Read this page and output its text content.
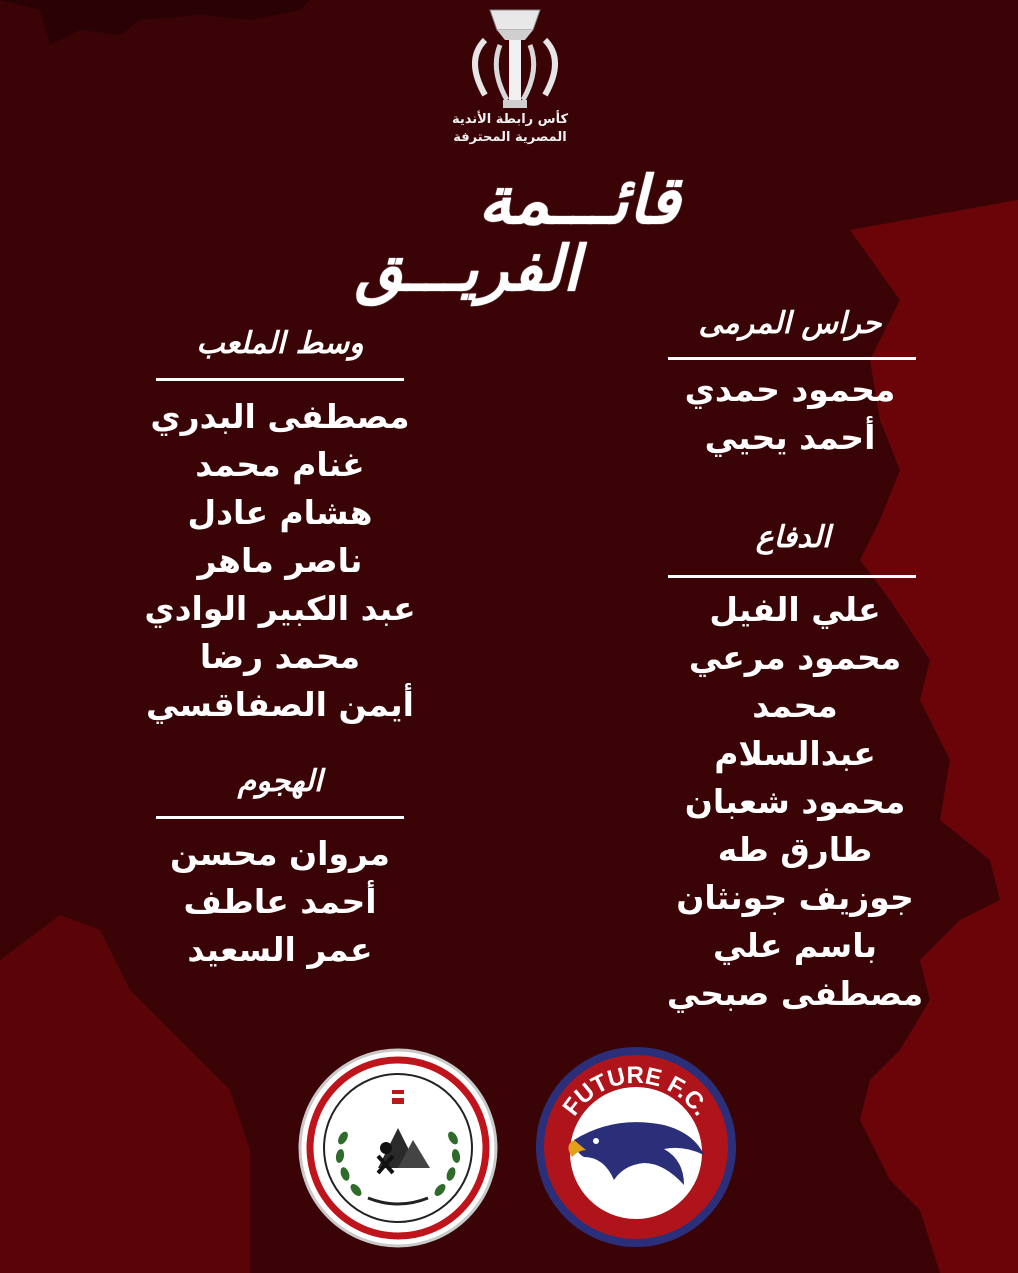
كأس رابطة الأندية
المصرية المحترفة
قائـــمة
الفريـــق
حراس المرمى
محمود حمدي
أحمد يحيي
الدفاع
علي الفيل
محمود مرعي
محمد
عبدالسلام
محمود شعبان
طارق طه
جوزيف جونثان
باسم علي
مصطفى صبحي
وسط الملعب
مصطفى البدري
غنام محمد
هشام عادل
ناصر ماهر
عبد الكبير الوادي
محمد رضا
أيمن الصفاقسي
الهجوم
مروان محسن
أحمد عاطف
عمر السعيد
FUTURE F.C.
